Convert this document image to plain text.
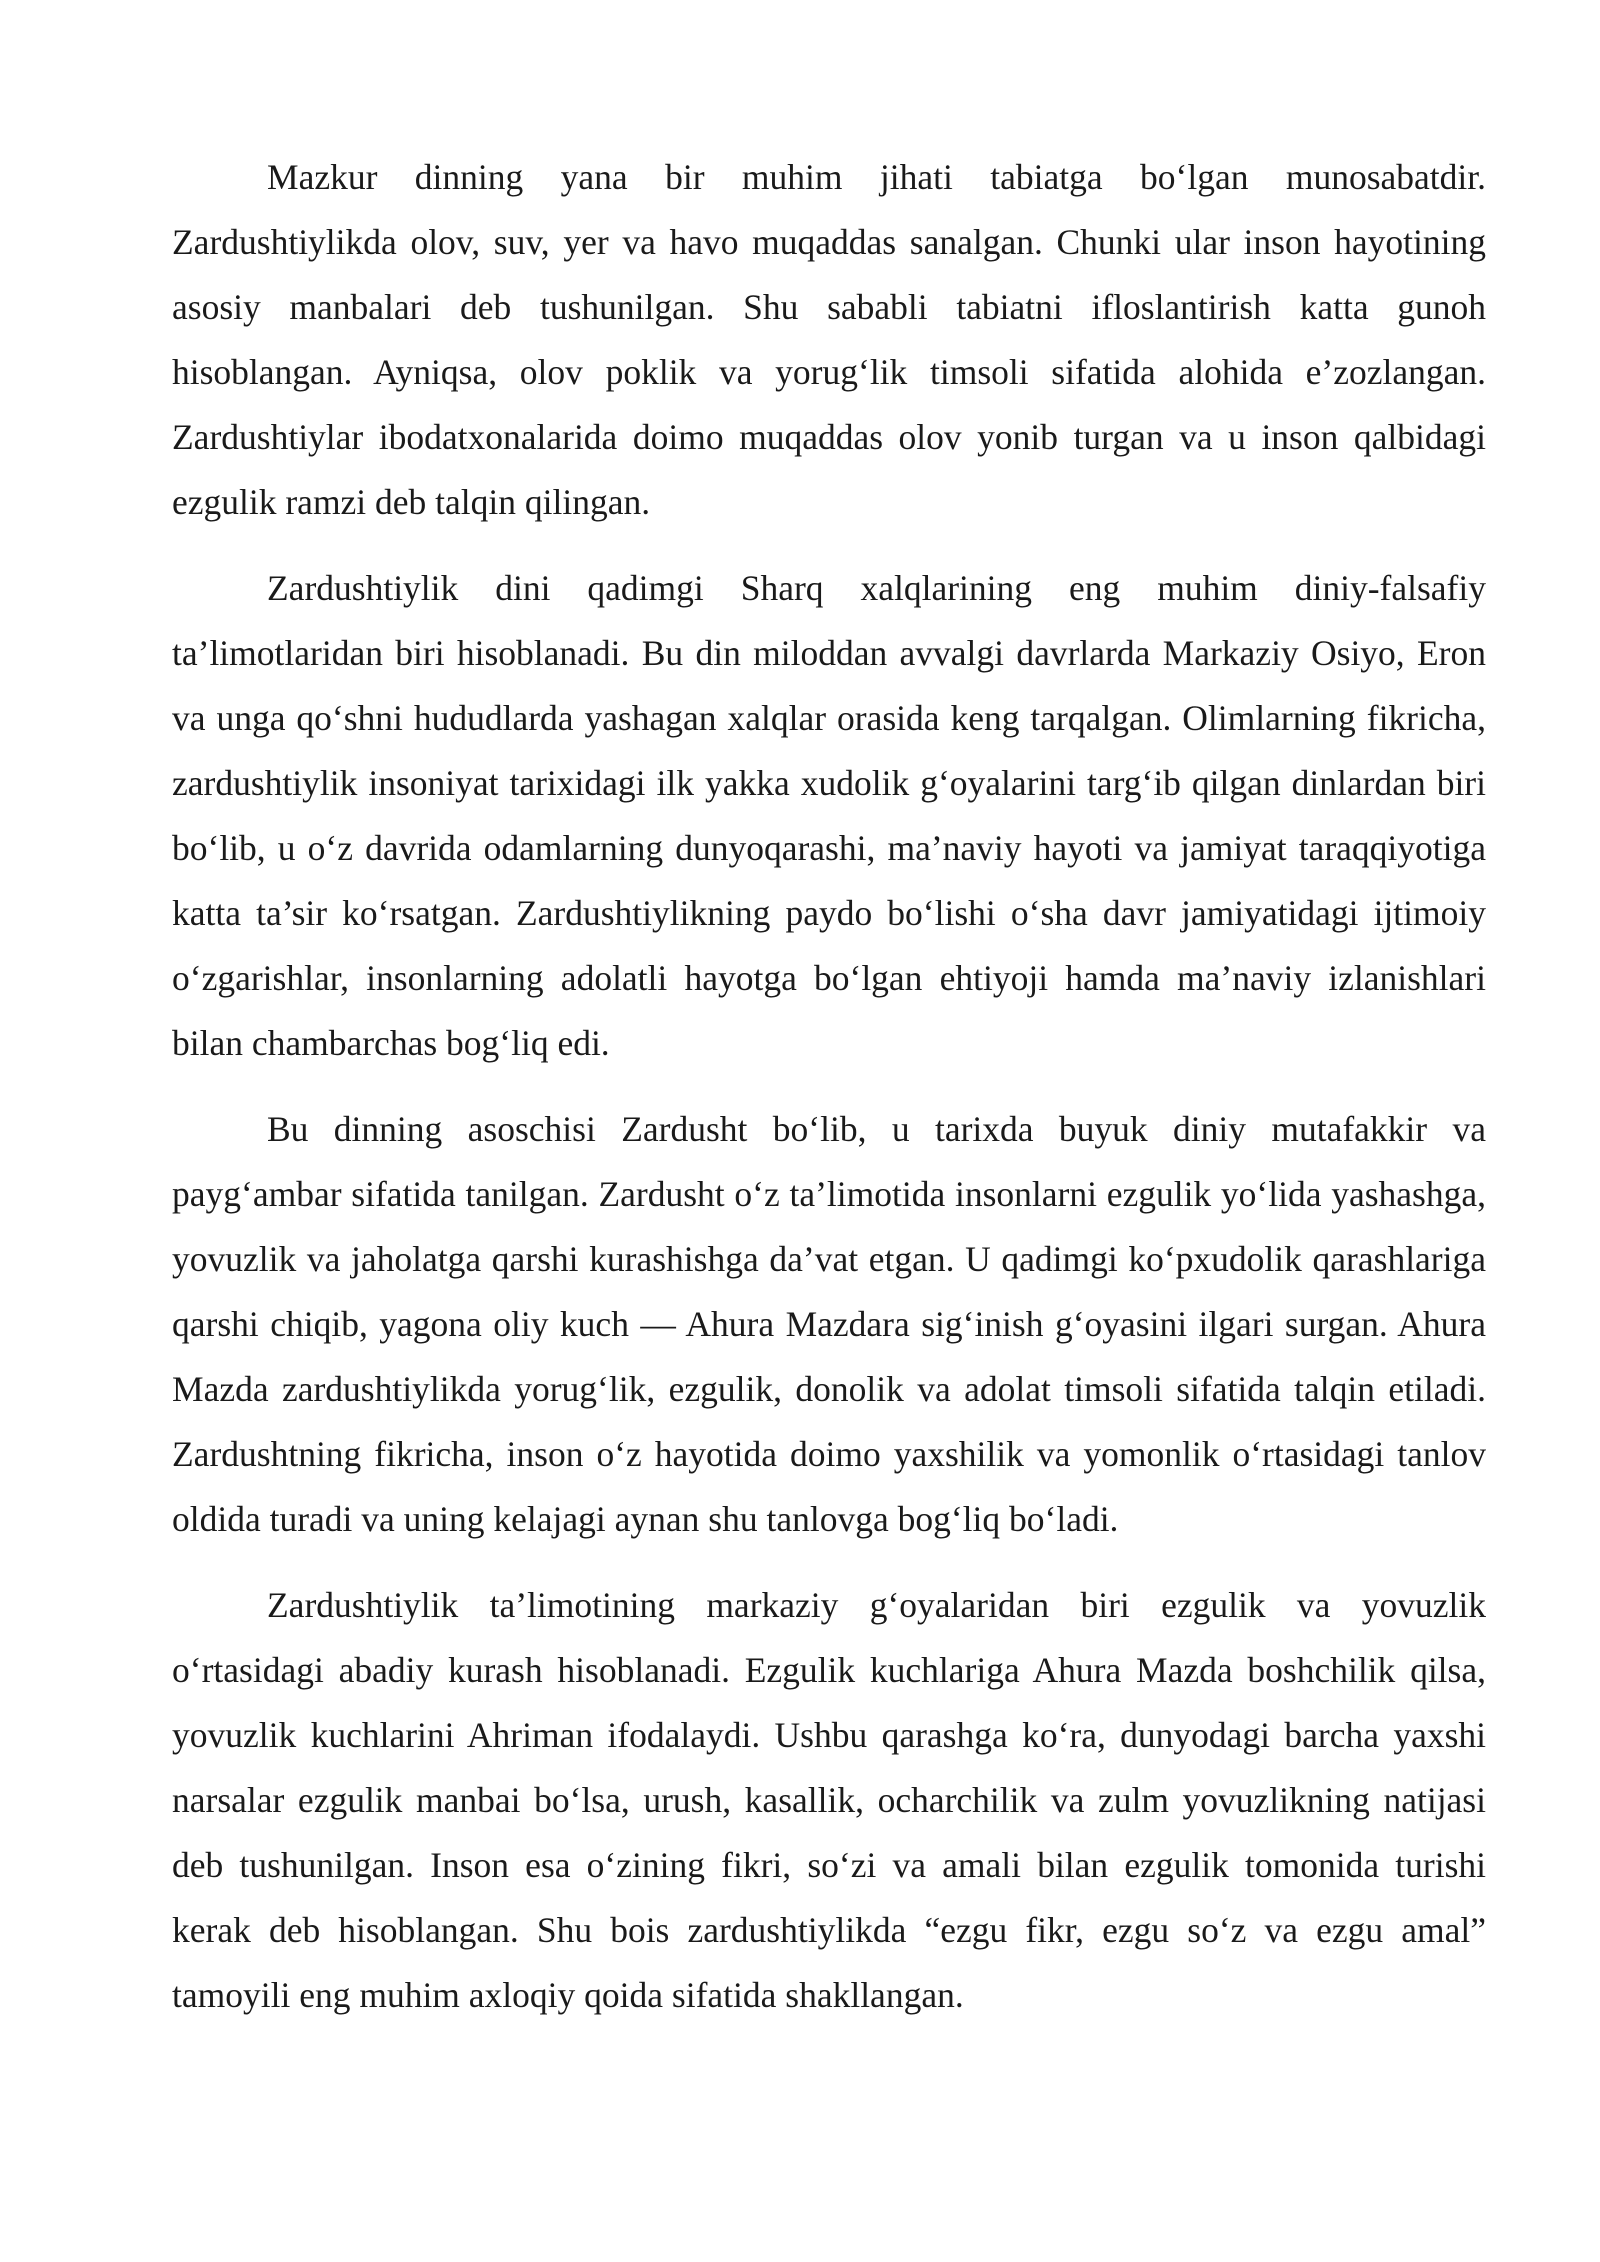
Mazkur dinning yana bir muhim jihati tabiatga bo‘lgan munosabatdir. Zardushtiylikda olov, suv, yer va havo muqaddas sanalgan. Chunki ular inson hayotining asosiy manbalari deb tushunilgan. Shu sababli tabiatni ifloslantirish katta gunoh hisoblangan. Ayniqsa, olov poklik va yorug‘lik timsoli sifatida alohida e’zozlangan. Zardushtiylar ibodatxonalarida doimo muqaddas olov yonib turgan va u inson qalbidagi ezgulik ramzi deb talqin qilingan.

Zardushtiylik dini qadimgi Sharq xalqlarining eng muhim diniy-falsafiy ta’limotlaridan biri hisoblanadi. Bu din miloddan avvalgi davrlarda Markaziy Osiyo, Eron va unga qo‘shni hududlarda yashagan xalqlar orasida keng tarqalgan. Olimlarning fikricha, zardushtiylik insoniyat tarixidagi ilk yakka xudolik g‘oyalarini targ‘ib qilgan dinlardan biri bo‘lib, u o‘z davrida odamlarning dunyoqarashi, ma’naviy hayoti va jamiyat taraqqiyotiga katta ta’sir ko‘rsatgan. Zardushtiylikning paydo bo‘lishi o‘sha davr jamiyatidagi ijtimoiy o‘zgarishlar, insonlarning adolatli hayotga bo‘lgan ehtiyoji hamda ma’naviy izlanishlari bilan chambarchas bog‘liq edi.

Bu dinning asoschisi Zardusht bo‘lib, u tarixda buyuk diniy mutafakkir va payg‘ambar sifatida tanilgan. Zardusht o‘z ta’limotida insonlarni ezgulik yo‘lida yashashga, yovuzlik va jaholatga qarshi kurashishga da’vat etgan. U qadimgi ko‘pxudolik qarashlariga qarshi chiqib, yagona oliy kuch — Ahura Mazdara sig‘inish g‘oyasini ilgari surgan. Ahura Mazda zardushtiylikda yorug‘lik, ezgulik, donolik va adolat timsoli sifatida talqin etiladi. Zardushtning fikricha, inson o‘z hayotida doimo yaxshilik va yomonlik o‘rtasidagi tanlov oldida turadi va uning kelajagi aynan shu tanlovga bog‘liq bo‘ladi.

Zardushtiylik ta’limotining markaziy g‘oyalaridan biri ezgulik va yovuzlik o‘rtasidagi abadiy kurash hisoblanadi. Ezgulik kuchlariga Ahura Mazda boshchilik qilsa, yovuzlik kuchlarini Ahriman ifodalaydi. Ushbu qarashga ko‘ra, dunyodagi barcha yaxshi narsalar ezgulik manbai bo‘lsa, urush, kasallik, ocharchilik va zulm yovuzlikning natijasi deb tushunilgan. Inson esa o‘zining fikri, so‘zi va amali bilan ezgulik tomonida turishi kerak deb hisoblangan. Shu bois zardushtiylikda “ezgu fikr, ezgu so‘z va ezgu amal” tamoyili eng muhim axloqiy qoida sifatida shakllangan.
